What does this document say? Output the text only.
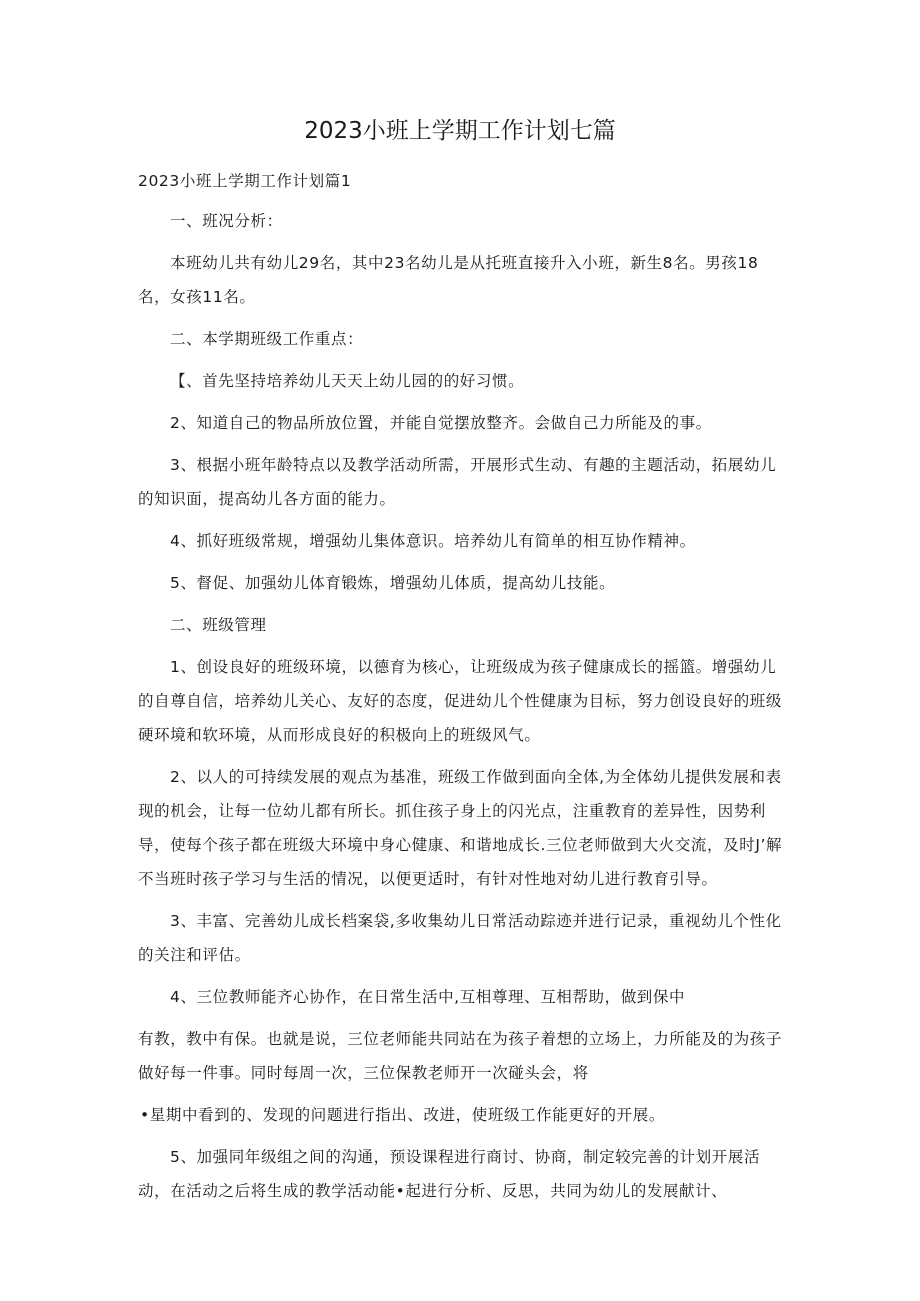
2023小班上学期工作计划七篇

2023小班上学期工作计划篇1

一、班况分析：

本班幼儿共有幼儿29名，其中23名幼儿是从托班直接升入小班，新生8名。男孩18名，女孩11名。

二、本学期班级工作重点：

【、首先坚持培养幼儿天天上幼儿园的的好习惯。

2、知道自己的物品所放位置，并能自觉摆放整齐。会做自己力所能及的事。

3、根据小班年龄特点以及教学活动所需，开展形式生动、有趣的主题活动，拓展幼儿的知识面，提高幼儿各方面的能力。

4、抓好班级常规，增强幼儿集体意识。培养幼儿有简单的相互协作精神。

5、督促、加强幼儿体育锻炼，增强幼儿体质，提高幼儿技能。

二、班级管理

1、创设良好的班级环境，以德育为核心，让班级成为孩子健康成长的摇篮。增强幼儿的自尊自信，培养幼儿关心、友好的态度，促进幼儿个性健康为目标，努力创设良好的班级硬环境和软环境，从而形成良好的积极向上的班级风气。

2、以人的可持续发展的观点为基准，班级工作做到面向全体,为全体幼儿提供发展和表现的机会，让每一位幼儿都有所长。抓住孩子身上的闪光点，注重教育的差异性，因势利导，使每个孩子都在班级大环境中身心健康、和谐地成长.三位老师做到大火交流，及时J’解不当班时孩子学习与生活的情况，以便更适时，有针对性地对幼儿进行教育引导。

3、丰富、完善幼儿成长档案袋,多收集幼儿日常活动踪迹并进行记录，重视幼儿个性化的关注和评估。

4、三位教师能齐心协作，在日常生活中,互相尊理、互相帮助，做到保中

有教，教中有保。也就是说，三位老师能共同站在为孩子着想的立场上，力所能及的为孩子做好每一件事。同时每周一次，三位保教老师开一次碰头会，将

•星期中看到的、发现的问题进行指出、改进，使班级工作能更好的开展。

5、加强同年级组之间的沟通，预设课程进行商讨、协商，制定较完善的计划开展活动，在活动之后将生成的教学活动能•起进行分析、反思，共同为幼儿的发展献计、
